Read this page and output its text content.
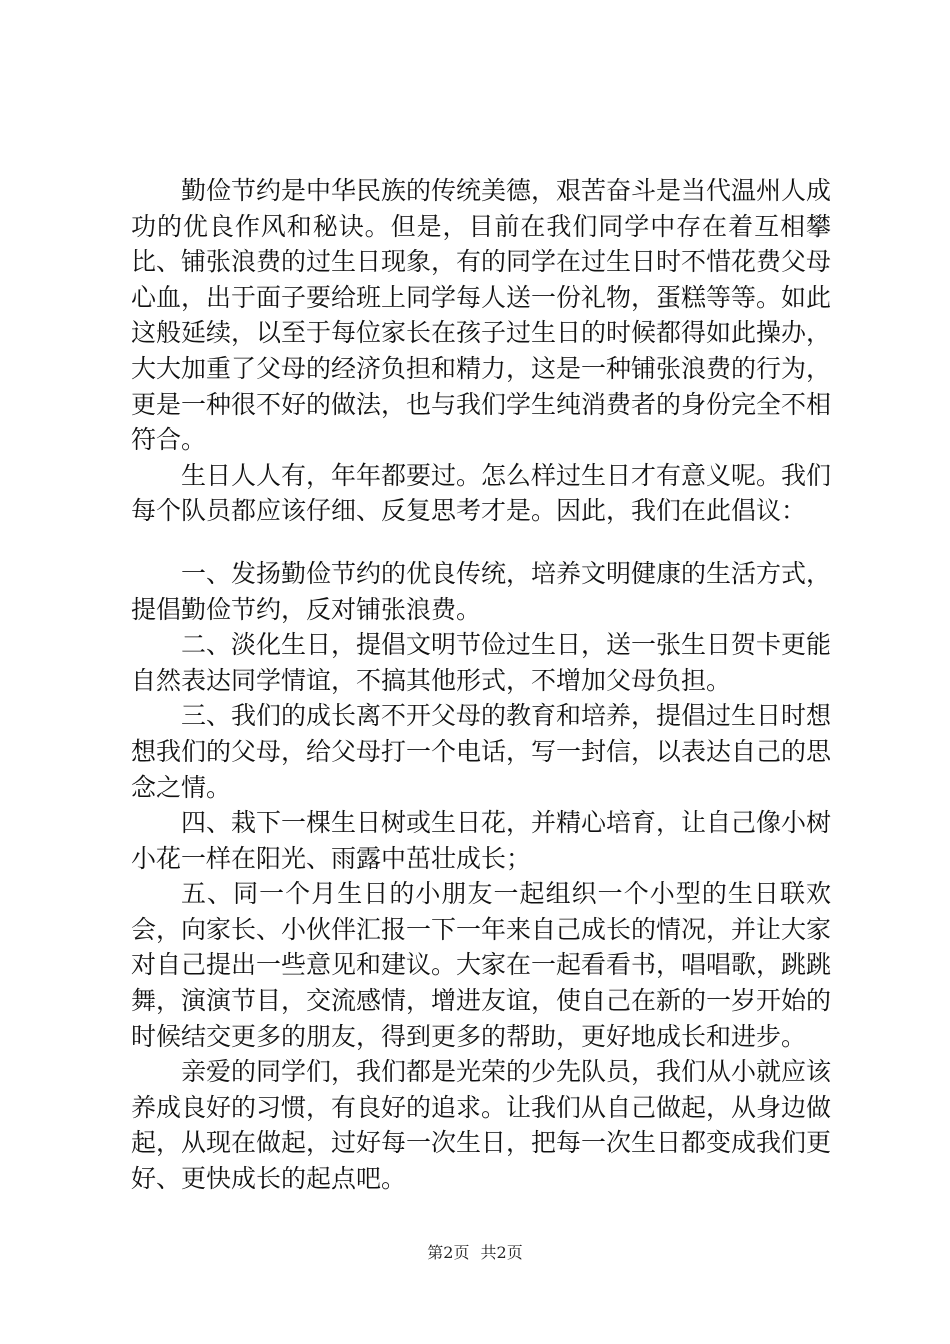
勤俭节约是中华民族的传统美德，艰苦奋斗是当代温州人成功的优良作风和秘诀。但是，目前在我们同学中存在着互相攀比、铺张浪费的过生日现象，有的同学在过生日时不惜花费父母心血，出于面子要给班上同学每人送一份礼物，蛋糕等等。如此这般延续，以至于每位家长在孩子过生日的时候都得如此操办，大大加重了父母的经济负担和精力，这是一种铺张浪费的行为，更是一种很不好的做法，也与我们学生纯消费者的身份完全不相符合。

生日人人有，年年都要过。怎么样过生日才有意义呢。我们每个队员都应该仔细、反复思考才是。因此，我们在此倡议：

一、发扬勤俭节约的优良传统，培养文明健康的生活方式，提倡勤俭节约，反对铺张浪费。

二、淡化生日，提倡文明节俭过生日，送一张生日贺卡更能自然表达同学情谊，不搞其他形式，不增加父母负担。

三、我们的成长离不开父母的教育和培养，提倡过生日时想想我们的父母，给父母打一个电话，写一封信，以表达自己的思念之情。

四、栽下一棵生日树或生日花，并精心培育，让自己像小树小花一样在阳光、雨露中茁壮成长；

五、同一个月生日的小朋友一起组织一个小型的生日联欢会，向家长、小伙伴汇报一下一年来自己成长的情况，并让大家对自己提出一些意见和建议。大家在一起看看书，唱唱歌，跳跳舞，演演节目，交流感情，增进友谊，使自己在新的一岁开始的时候结交更多的朋友，得到更多的帮助，更好地成长和进步。

亲爱的同学们，我们都是光荣的少先队员，我们从小就应该养成良好的习惯，有良好的追求。让我们从自己做起，从身边做起，从现在做起，过好每一次生日，把每一次生日都变成我们更好、更快成长的起点吧。

第2页 共2页
